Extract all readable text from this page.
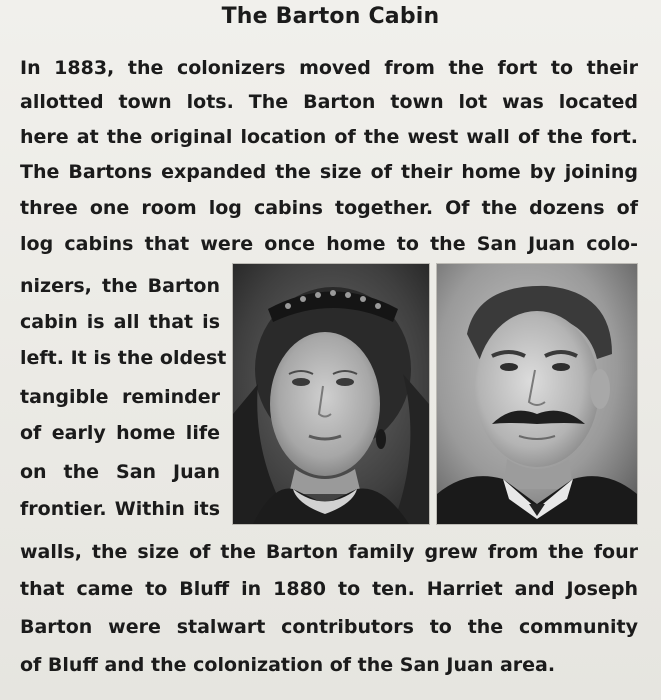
The Barton Cabin
In 1883, the colonizers moved from the fort to their
allotted town lots. The Barton town lot was located
here at the original location of the west wall of the fort.
The Bartons expanded the size of their home by joining
three one room log cabins together. Of the dozens of
log cabins that were once home to the San Juan colo-
nizers, the Barton
cabin is all that is
left. It is the oldest
tangible reminder
of early home life
on the San Juan
frontier. Within its
walls, the size of the Barton family grew from the four
that came to Bluff in 1880 to ten. Harriet and Joseph
Barton were stalwart contributors to the community
of Bluff and the colonization of the San Juan area.
